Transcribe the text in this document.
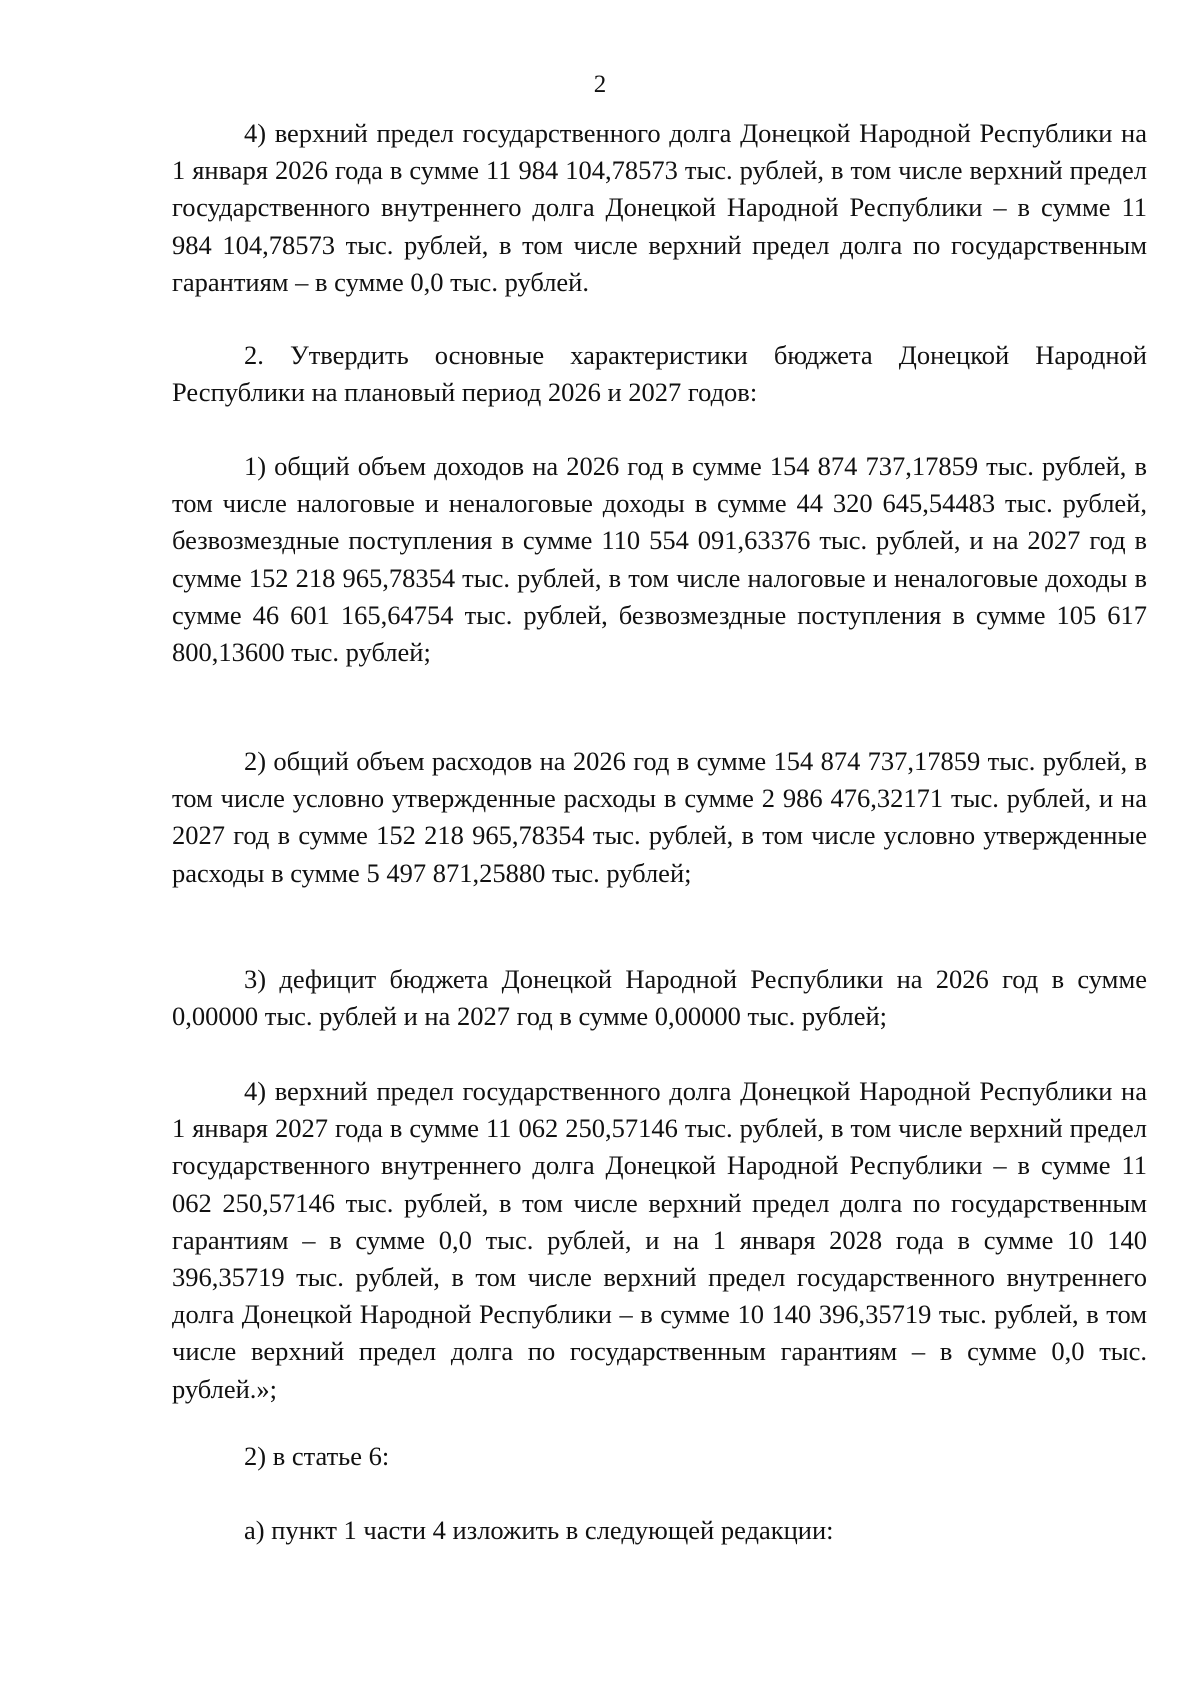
2

4) верхний предел государственного долга Донецкой Народной Республики на 1 января 2026 года в сумме 11 984 104,78573 тыс. рублей, в том числе верхний предел государственного внутреннего долга Донецкой Народной Республики – в сумме 11 984 104,78573 тыс. рублей, в том числе верхний предел долга по государственным гарантиям – в сумме 0,0 тыс. рублей.

2. Утвердить основные характеристики бюджета Донецкой Народной Республики на плановый период 2026 и 2027 годов:

1) общий объем доходов на 2026 год в сумме 154 874 737,17859 тыс. рублей, в том числе налоговые и неналоговые доходы в сумме 44 320 645,54483 тыс. рублей, безвозмездные поступления в сумме 110 554 091,63376 тыс. рублей, и на 2027 год в сумме 152 218 965,78354 тыс. рублей, в том числе налоговые и неналоговые доходы в сумме 46 601 165,64754 тыс. рублей, безвозмездные поступления в сумме 105 617 800,13600 тыс. рублей;

2) общий объем расходов на 2026 год в сумме 154 874 737,17859 тыс. рублей, в том числе условно утвержденные расходы в сумме 2 986 476,32171 тыс. рублей, и на 2027 год в сумме 152 218 965,78354 тыс. рублей, в том числе условно утвержденные расходы в сумме 5 497 871,25880 тыс. рублей;

3) дефицит бюджета Донецкой Народной Республики на 2026 год в сумме 0,00000 тыс. рублей и на 2027 год в сумме 0,00000 тыс. рублей;

4) верхний предел государственного долга Донецкой Народной Республики на 1 января 2027 года в сумме 11 062 250,57146 тыс. рублей, в том числе верхний предел государственного внутреннего долга Донецкой Народной Республики – в сумме 11 062 250,57146 тыс. рублей, в том числе верхний предел долга по государственным гарантиям – в сумме 0,0 тыс. рублей, и на 1 января 2028 года в сумме 10 140 396,35719 тыс. рублей, в том числе верхний предел государственного внутреннего долга Донецкой Народной Республики – в сумме 10 140 396,35719 тыс. рублей, в том числе верхний предел долга по государственным гарантиям – в сумме 0,0 тыс. рублей.»;

2) в статье 6:

а) пункт 1 части 4 изложить в следующей редакции:
